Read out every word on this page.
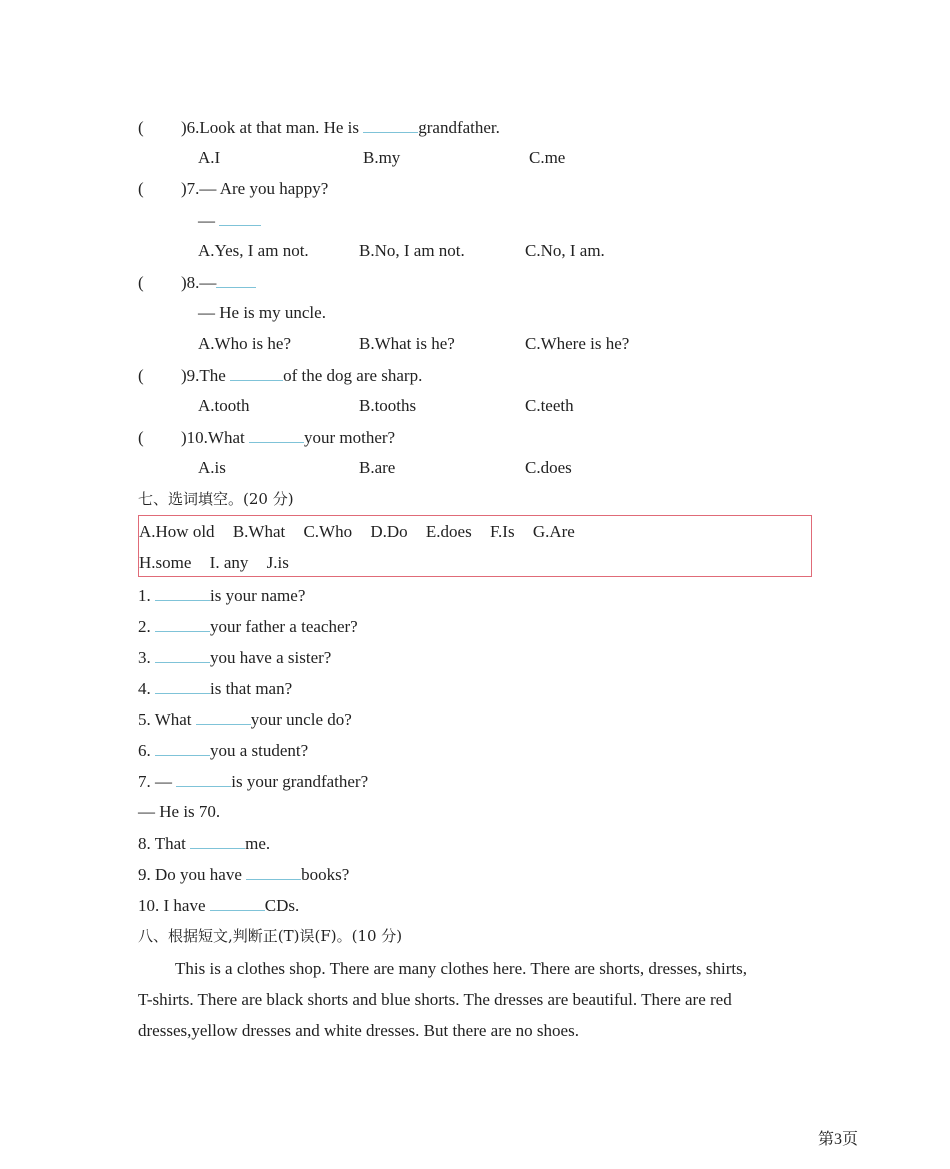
( )6.Look at that man. He is	grandfather.
A.I	B.my	C.me
( )7.— Are you happy?
—
A.Yes, I am not.	B.No, I am not.	C.No, I am.
( )8.—
— He is my uncle.
A.Who is he?	B.What is he?	C.Where is he?
( )9.The	of the dog are sharp.
A.tooth	B.tooths	C.teeth
( )10.What	your mother?
A.is	B.are	C.does
七、选词填空。(20 分)
A.How old B.What C.Who D.Do E.does F.Is G.Are
H.some I. any J.is
1.	is your name?
2.	your father a teacher?
3.	you have a sister?
4.	is that man?
5. What	your uncle do?
6.	you a student?
7. —	is your grandfather?
— He is 70.
8. That	me.
9. Do you have	books?
10. I have	CDs.
八、根据短文,判断正(T)误(F)。(10 分)
This is a clothes shop. There are many clothes here. There are shorts, dresses, shirts,
T-shirts. There are black shorts and blue shorts. The dresses are beautiful. There are red
dresses,yellow dresses and white dresses. But there are no shoes.
第3页
